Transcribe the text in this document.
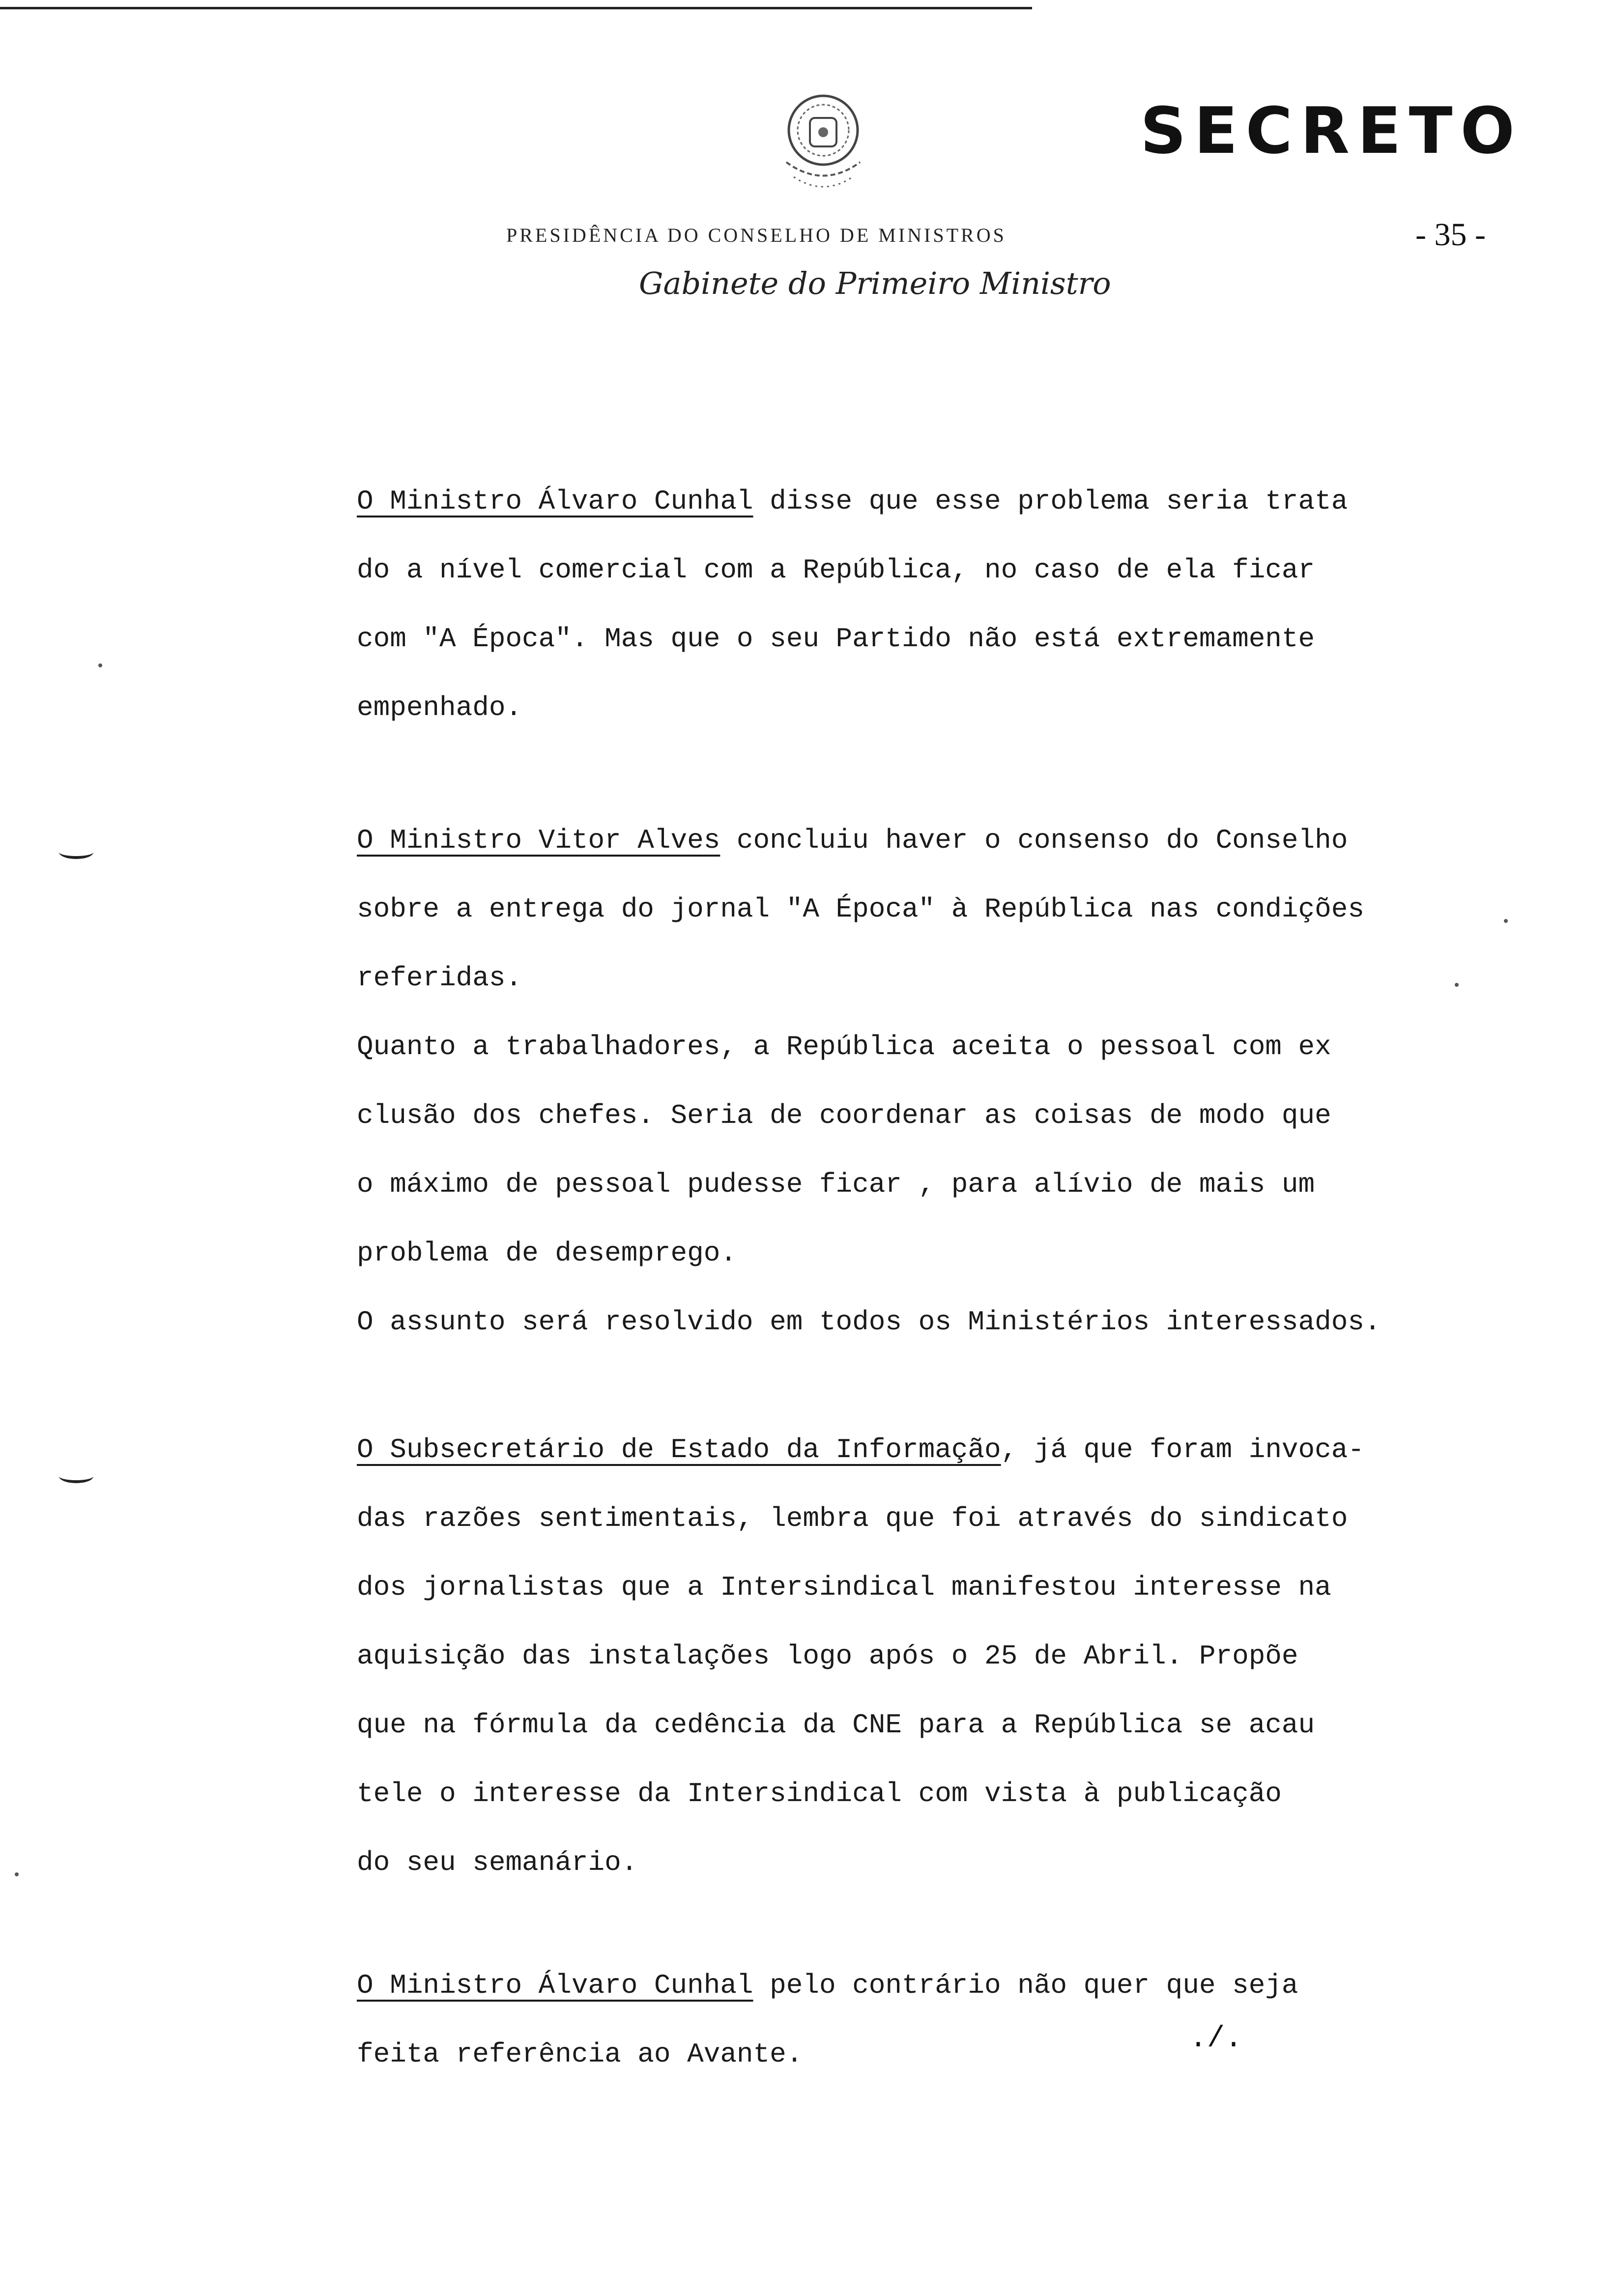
SECRETO
PRESIDÊNCIA DO CONSELHO DE MINISTROS	- 35 -
Gabinete do Primeiro Ministro
O Ministro Álvaro Cunhal disse que esse problema seria trata
do a nível comercial com a República, no caso de ela ficar
com "A Época". Mas que o seu Partido não está extremamente
empenhado.
O Ministro Vitor Alves concluiu haver o consenso do Conselho
sobre a entrega do jornal "A Época" à República nas condições
referidas.
Quanto a trabalhadores, a República aceita o pessoal com ex
clusão dos chefes. Seria de coordenar as coisas de modo que
o máximo de pessoal pudesse ficar , para alívio de mais um
problema de desemprego.
O assunto será resolvido em todos os Ministérios interessados.
O Subsecretário de Estado da Informação, já que foram invoca-
das razões sentimentais, lembra que foi através do sindicato
dos jornalistas que a Intersindical manifestou interesse na
aquisição das instalações logo após o 25 de Abril. Propõe
que na fórmula da cedência da CNE para a República se acau
tele o interesse da Intersindical com vista à publicação
do seu semanário.
O Ministro Álvaro Cunhal pelo contrário não quer que seja
feita referência ao Avante.	./.
